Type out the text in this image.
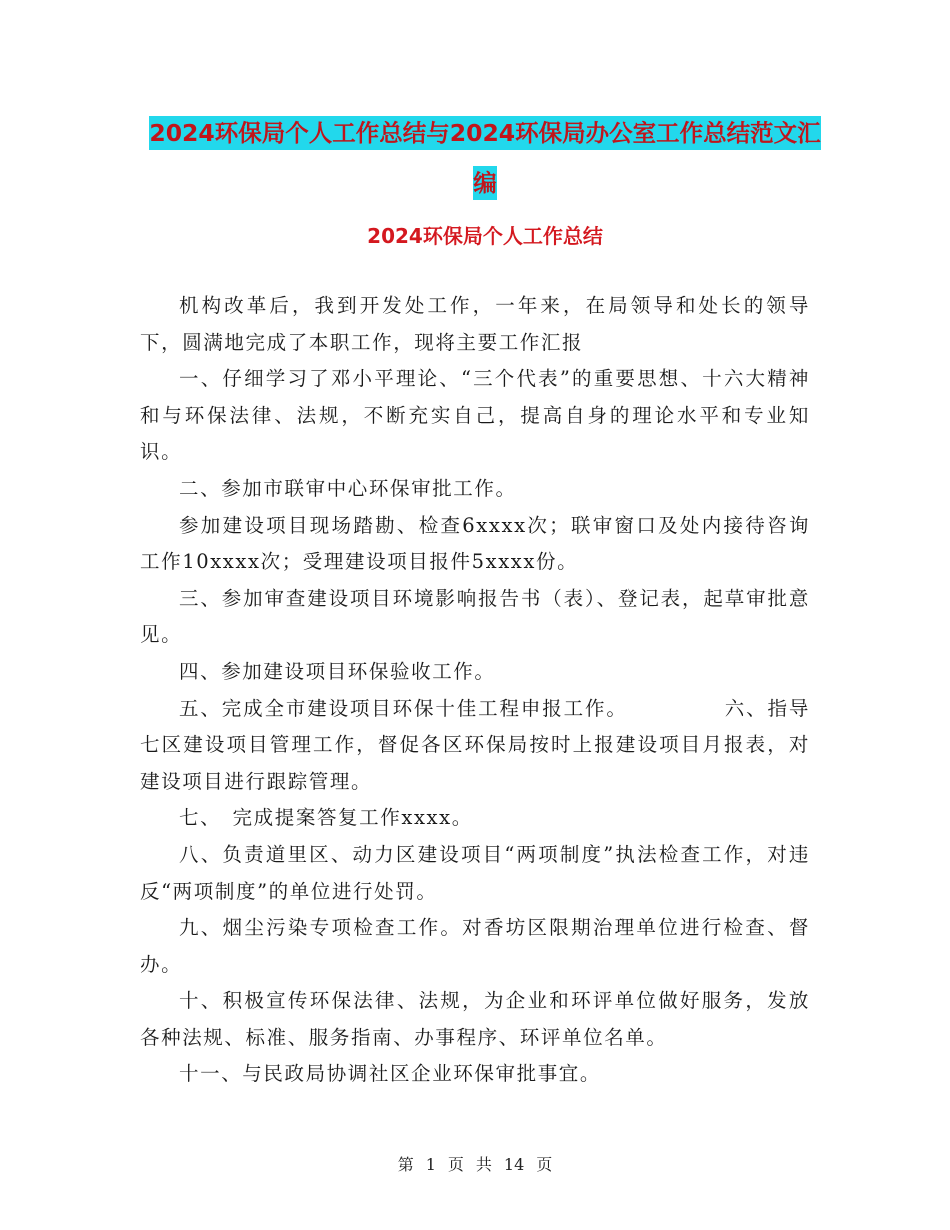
2024环保局个人工作总结与2024环保局办公室工作总结范文汇编
2024环保局个人工作总结

机构改革后，我到开发处工作，一年来，在局领导和处长的领导下，圆满地完成了本职工作，现将主要工作汇报

一、仔细学习了邓小平理论、“三个代表”的重要思想、十六大精神和与环保法律、法规，不断充实自己，提高自身的理论水平和专业知识。

二、参加市联审中心环保审批工作。

参加建设项目现场踏勘、检查6xxxx次；联审窗口及处内接待咨询工作10xxxx次；受理建设项目报件5xxxx份。

三、参加审查建设项目环境影响报告书（表）、登记表，起草审批意见。

四、参加建设项目环保验收工作。

五、完成全市建设项目环保十佳工程申报工作。　　　　　六、指导七区建设项目管理工作，督促各区环保局按时上报建设项目月报表，对建设项目进行跟踪管理。

七、　完成提案答复工作xxxx。

八、负责道里区、动力区建设项目“两项制度”执法检查工作，对违反“两项制度”的单位进行处罚。

九、烟尘污染专项检查工作。对香坊区限期治理单位进行检查、督办。

十、积极宣传环保法律、法规，为企业和环评单位做好服务，发放各种法规、标准、服务指南、办事程序、环评单位名单。

十一、与民政局协调社区企业环保审批事宜。

第 1 页 共 14 页
